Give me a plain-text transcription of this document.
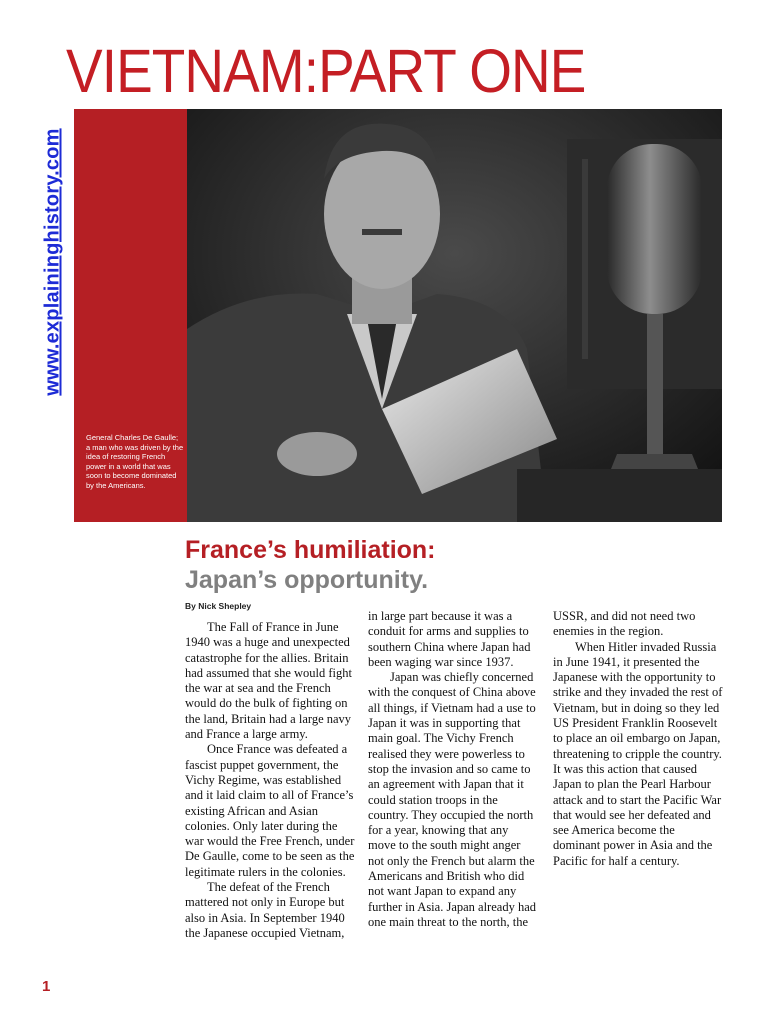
VIETNAM:PART ONE
www.explaininghistory.com

General Charles De Gaulle; a man who was driven by the idea of restoring French power in a world that was soon to become dominated by the Americans.

France’s humiliation:
Japan’s opportunity.
By Nick Shepley

The Fall of France in June 1940 was a huge and unexpected catastrophe for the allies. Britain had assumed that she would fight the war at sea and the French would do the bulk of fighting on the land, Britain had a large navy and France a large army.

Once France was defeated a fascist puppet government, the Vichy Regime, was established and it laid claim to all of France’s existing African and Asian colonies. Only later during the war would the Free French, under De Gaulle, come to be seen as the legitimate rulers in the colonies.

The defeat of the French mattered not only in Europe but also in Asia. In September 1940 the Japanese occupied Vietnam,

in large part because it was a conduit for arms and supplies to southern China where Japan had been waging war since 1937.

Japan was chiefly concerned with the conquest of China above all things, if Vietnam had a use to Japan it was in supporting that main goal. The Vichy French realised they were powerless to stop the invasion and so came to an agreement with Japan that it could station troops in the country. They occupied the north for a year, knowing that any move to the south might anger not only the French but alarm the Americans and British who did not want Japan to expand any further in Asia. Japan already had one main threat to the north, the

USSR, and did not need two enemies in the region.

When Hitler invaded Russia in June 1941, it presented the Japanese with the opportunity to strike and they invaded the rest of Vietnam, but in doing so they led US President Franklin Roosevelt to place an oil embargo on Japan, threatening to cripple the country. It was this action that caused Japan to plan the Pearl Harbour attack and to start the Pacific War that would see her defeated and see America become the dominant power in Asia and the Pacific for half a century.

1
